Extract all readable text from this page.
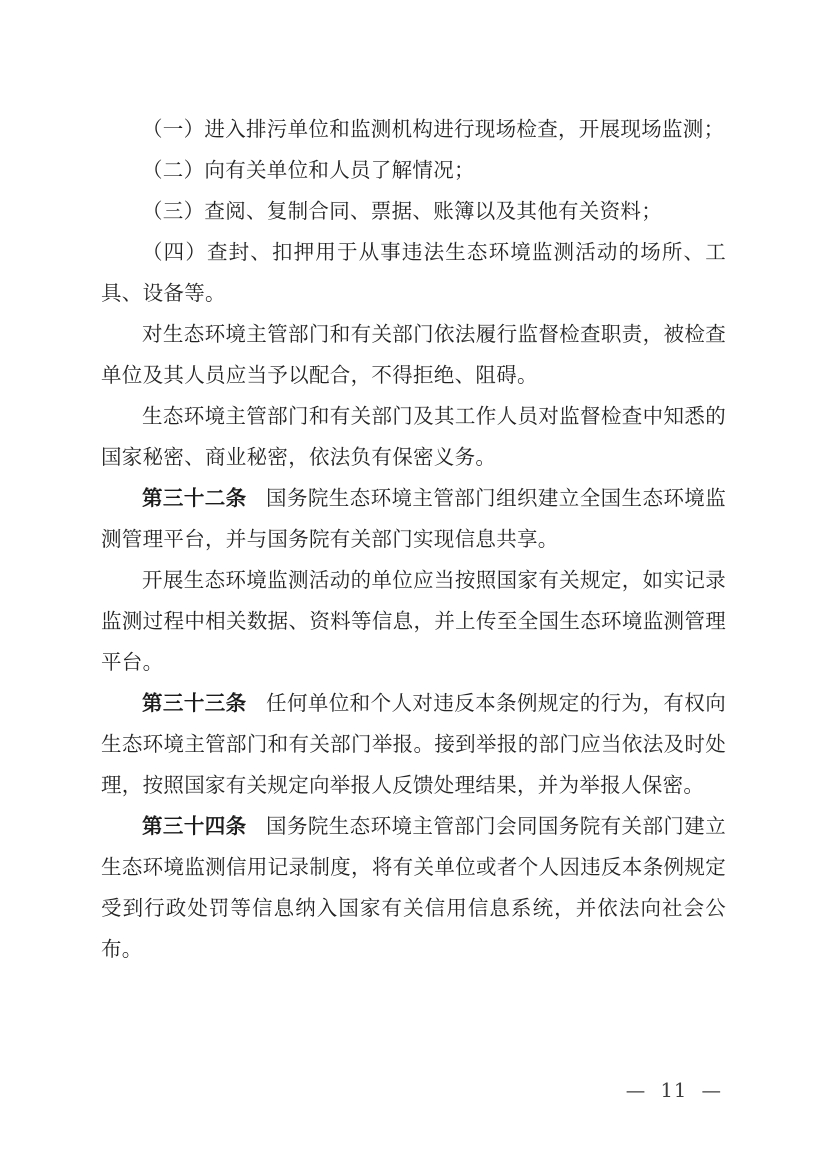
（一）进入排污单位和监测机构进行现场检查，开展现场监测；

（二）向有关单位和人员了解情况；

（三）查阅、复制合同、票据、账簿以及其他有关资料；

（四）查封、扣押用于从事违法生态环境监测活动的场所、工具、设备等。

对生态环境主管部门和有关部门依法履行监督检查职责，被检查单位及其人员应当予以配合，不得拒绝、阻碍。

生态环境主管部门和有关部门及其工作人员对监督检查中知悉的国家秘密、商业秘密，依法负有保密义务。

第三十二条 国务院生态环境主管部门组织建立全国生态环境监测管理平台，并与国务院有关部门实现信息共享。

开展生态环境监测活动的单位应当按照国家有关规定，如实记录监测过程中相关数据、资料等信息，并上传至全国生态环境监测管理平台。

第三十三条 任何单位和个人对违反本条例规定的行为，有权向生态环境主管部门和有关部门举报。接到举报的部门应当依法及时处理，按照国家有关规定向举报人反馈处理结果，并为举报人保密。

第三十四条 国务院生态环境主管部门会同国务院有关部门建立生态环境监测信用记录制度，将有关单位或者个人因违反本条例规定受到行政处罚等信息纳入国家有关信用信息系统，并依法向社会公布。

— 11 —
